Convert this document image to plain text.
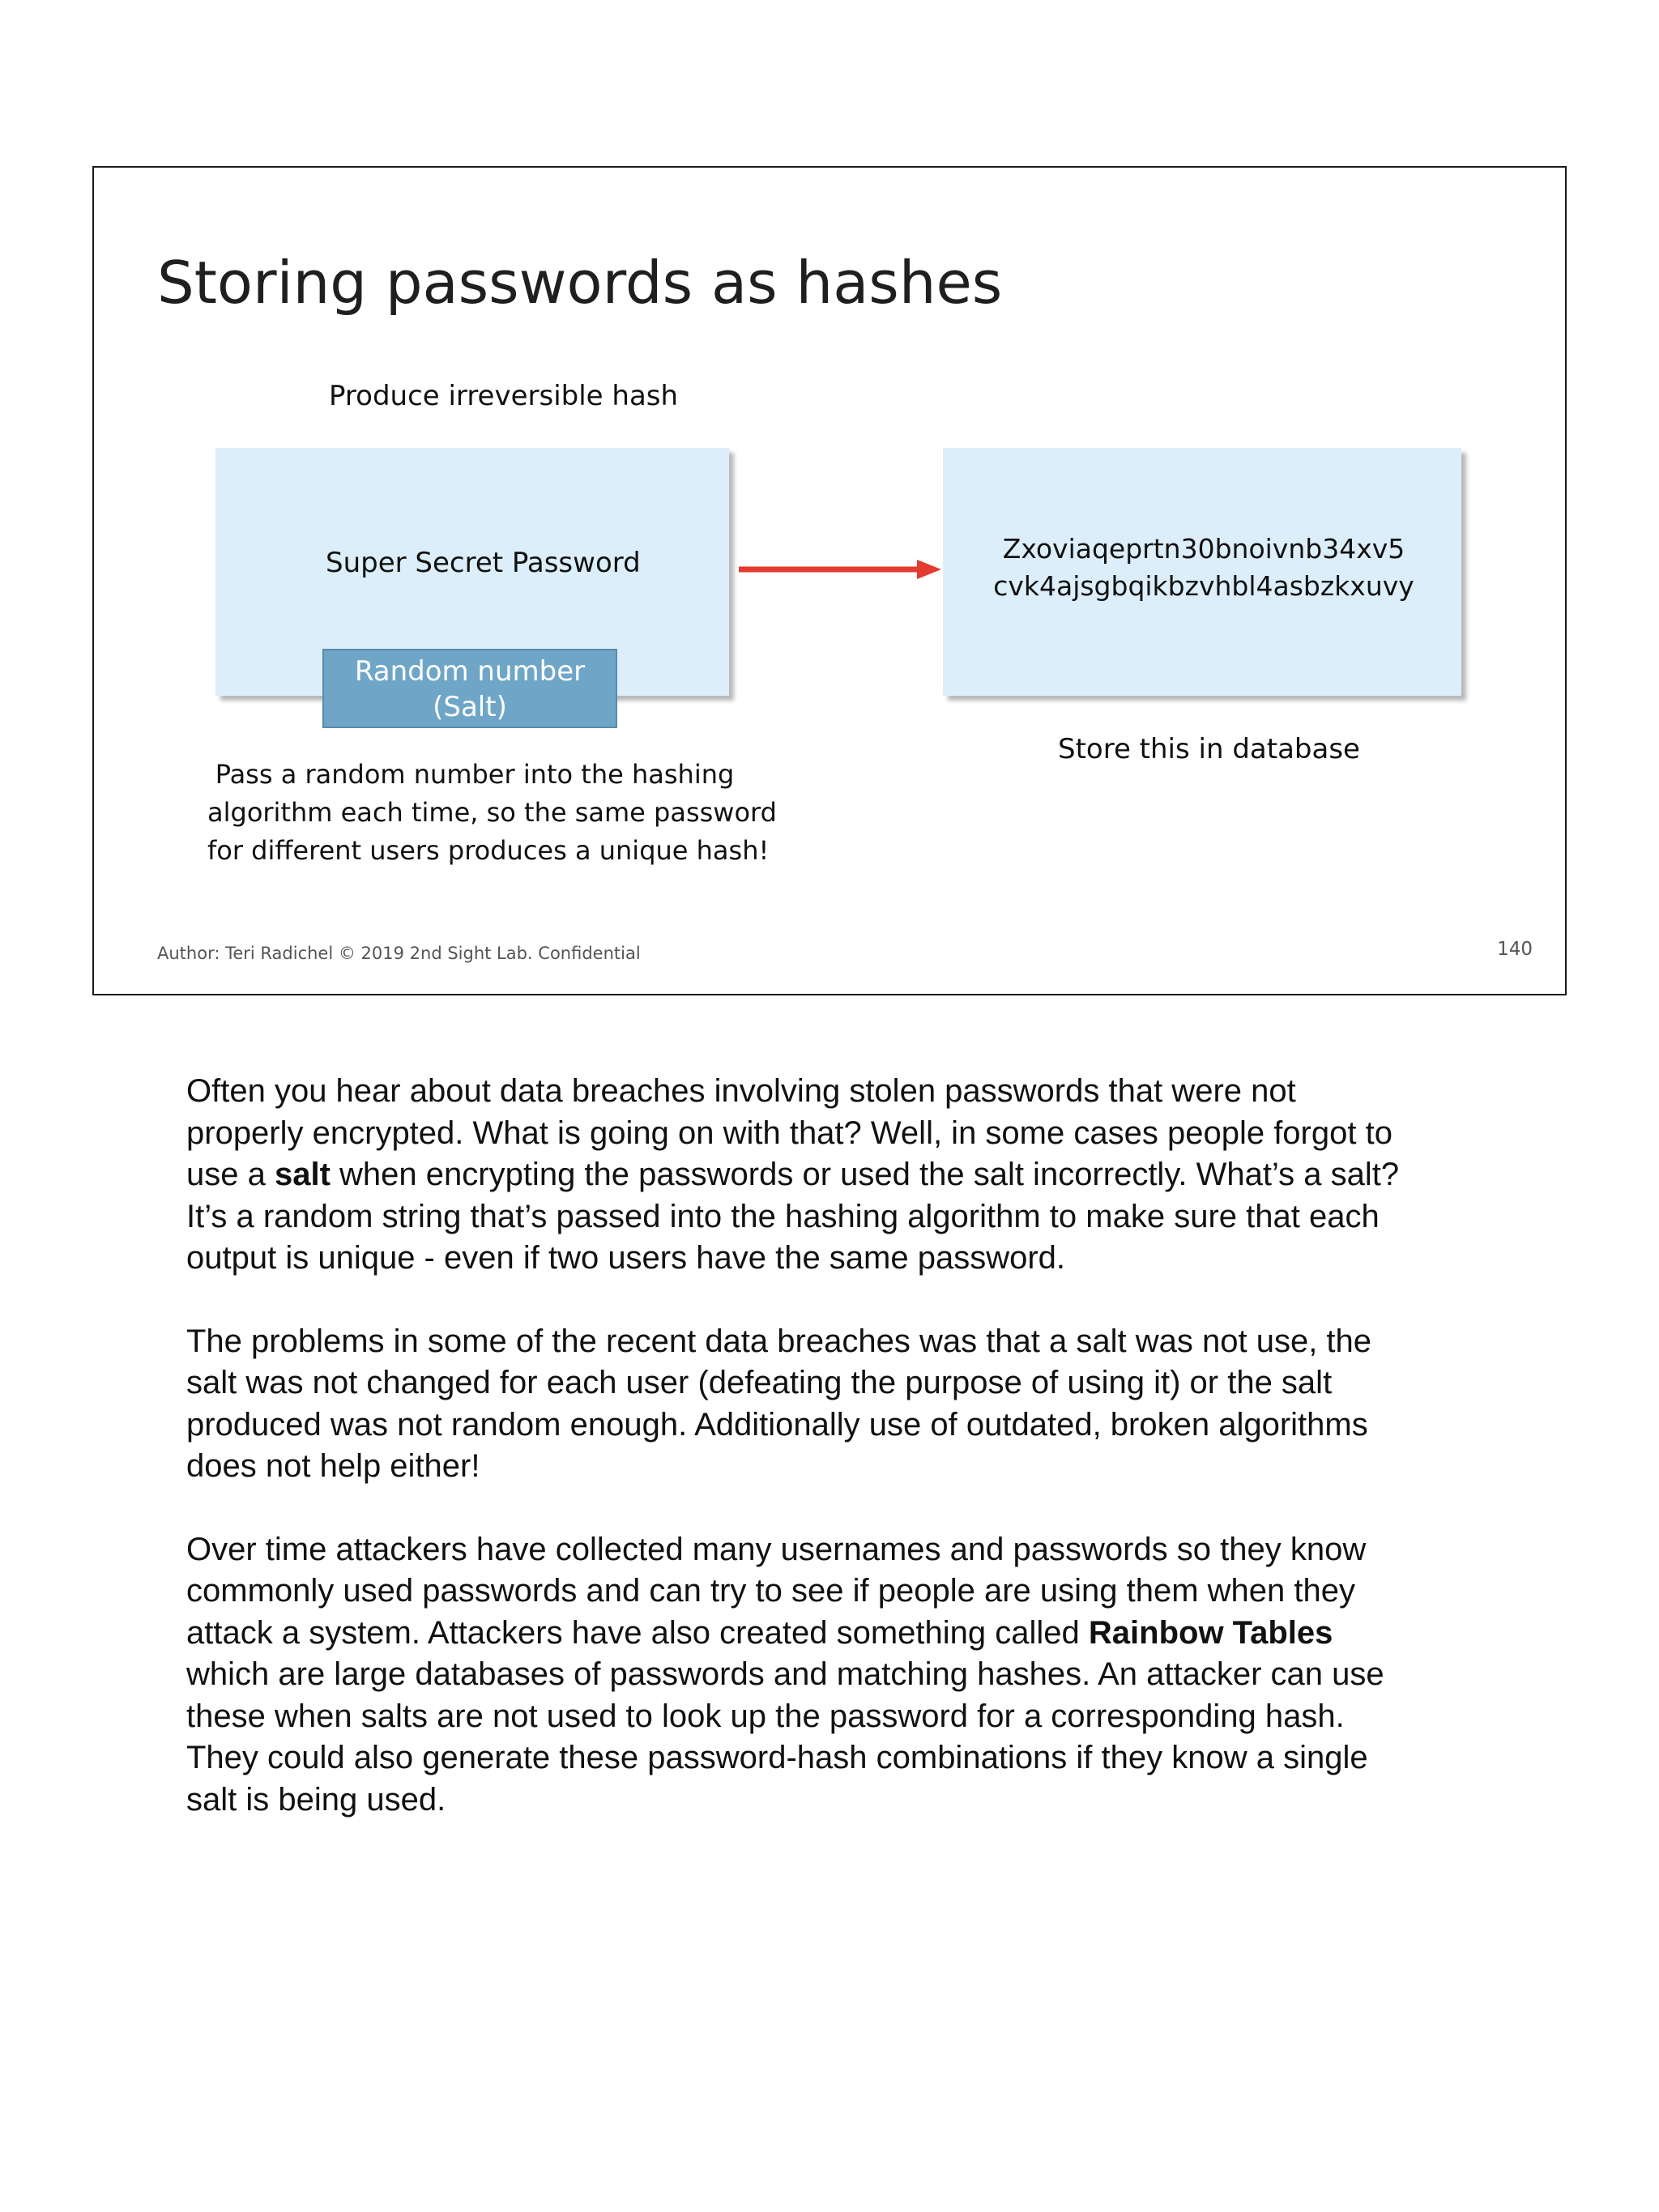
Storing passwords as hashes
Produce irreversible hash
Super Secret Password
Random number
(Salt)
Zxoviaqeprtn30bnoivnb34xv5
cvk4ajsgbqikbzvhbl4asbzkxuvy
Pass a random number into the hashing
algorithm each time, so the same password
for different users produces a unique hash!
Store this in database
Author: Teri Radichel © 2019 2nd Sight Lab. Confidential	140

Often you hear about data breaches involving stolen passwords that were not
properly encrypted. What is going on with that? Well, in some cases people forgot to
use a salt when encrypting the passwords or used the salt incorrectly. What’s a salt?
It’s a random string that’s passed into the hashing algorithm to make sure that each
output is unique - even if two users have the same password.

The problems in some of the recent data breaches was that a salt was not use, the
salt was not changed for each user (defeating the purpose of using it) or the salt
produced was not random enough. Additionally use of outdated, broken algorithms
does not help either!

Over time attackers have collected many usernames and passwords so they know
commonly used passwords and can try to see if people are using them when they
attack a system. Attackers have also created something called Rainbow Tables
which are large databases of passwords and matching hashes. An attacker can use
these when salts are not used to look up the password for a corresponding hash.
They could also generate these password-hash combinations if they know a single
salt is being used.
